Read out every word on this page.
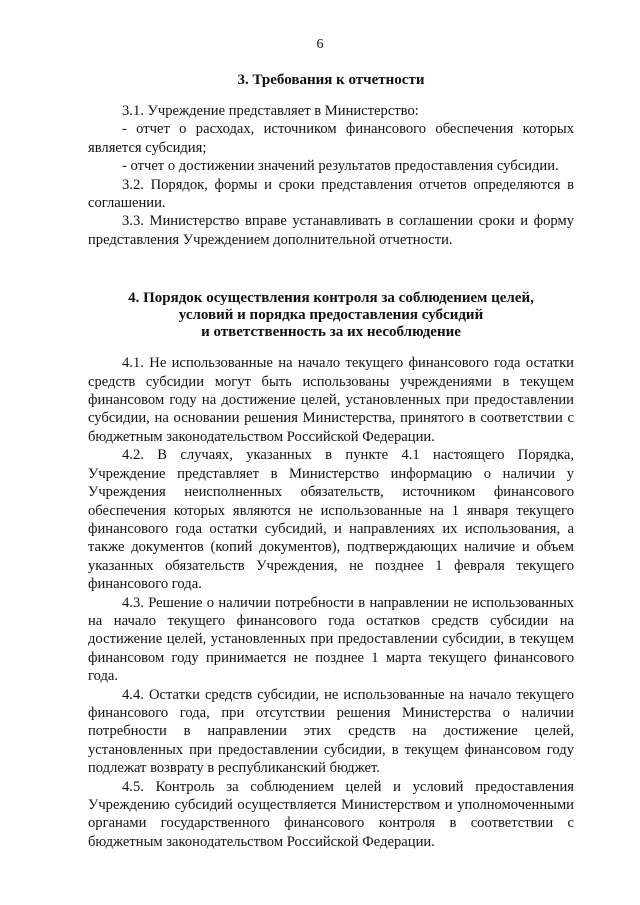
6
3. Требования к отчетности

3.1. Учреждение представляет в Министерство:

- отчет о расходах, источником финансового обеспечения которых является субсидия;

- отчет о достижении значений результатов предоставления субсидии.

3.2. Порядок, формы и сроки представления отчетов определяются в соглашении.

3.3. Министерство вправе устанавливать в соглашении сроки и форму представления Учреждением дополнительной отчетности.

4. Порядок осуществления контроля за соблюдением целей,
условий и порядка предоставления субсидий
и ответственность за их несоблюдение

4.1. Не использованные на начало текущего финансового года остатки средств субсидии могут быть использованы учреждениями в текущем финансовом году на достижение целей, установленных при предоставлении субсидии, на основании решения Министерства, принятого в соответствии с бюджетным законодательством Российской Федерации.

4.2. В случаях, указанных в пункте 4.1 настоящего Порядка, Учреждение представляет в Министерство информацию о наличии у Учреждения неисполненных обязательств, источником финансового обеспечения которых являются не использованные на 1 января текущего финансового года остатки субсидий, и направлениях их использования, а также документов (копий документов), подтверждающих наличие и объем указанных обязательств Учреждения, не позднее 1 февраля текущего финансового года.

4.3. Решение о наличии потребности в направлении не использованных на начало текущего финансового года остатков средств субсидии на достижение целей, установленных при предоставлении субсидии, в текущем финансовом году принимается не позднее 1 марта текущего финансового года.

4.4. Остатки средств субсидии, не использованные на начало текущего финансового года, при отсутствии решения Министерства о наличии потребности в направлении этих средств на достижение целей, установленных при предоставлении субсидии, в текущем финансовом году подлежат возврату в республиканский бюджет.

4.5. Контроль за соблюдением целей и условий предоставления Учреждению субсидий осуществляется Министерством и уполномоченными органами государственного финансового контроля в соответствии с бюджетным законодательством Российской Федерации.
